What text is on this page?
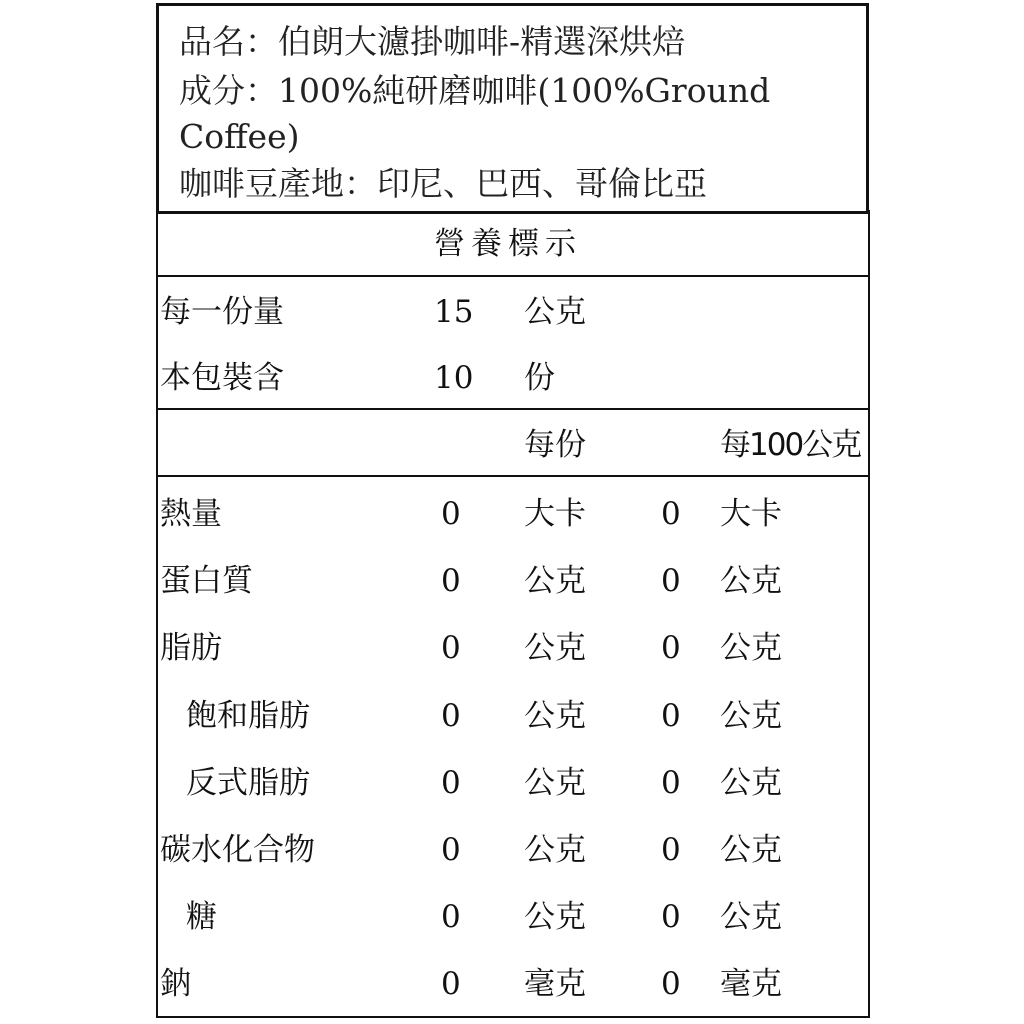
品名：伯朗大濾掛咖啡-精選深烘焙
成分：100%純研磨咖啡(100%Ground
Coffee)
咖啡豆產地：印尼、巴西、哥倫比亞
營養標示
每一份量	15 公克
本包裝含	10 份
每份	每100公克
熱量	0 大卡 0 大卡
蛋白質	0 公克 0 公克
脂肪	0 公克 0 公克
飽和脂肪	0 公克 0 公克
反式脂肪	0 公克 0 公克
碳水化合物	0 公克 0 公克
糖	0 公克 0 公克
鈉	0 毫克 0 毫克
